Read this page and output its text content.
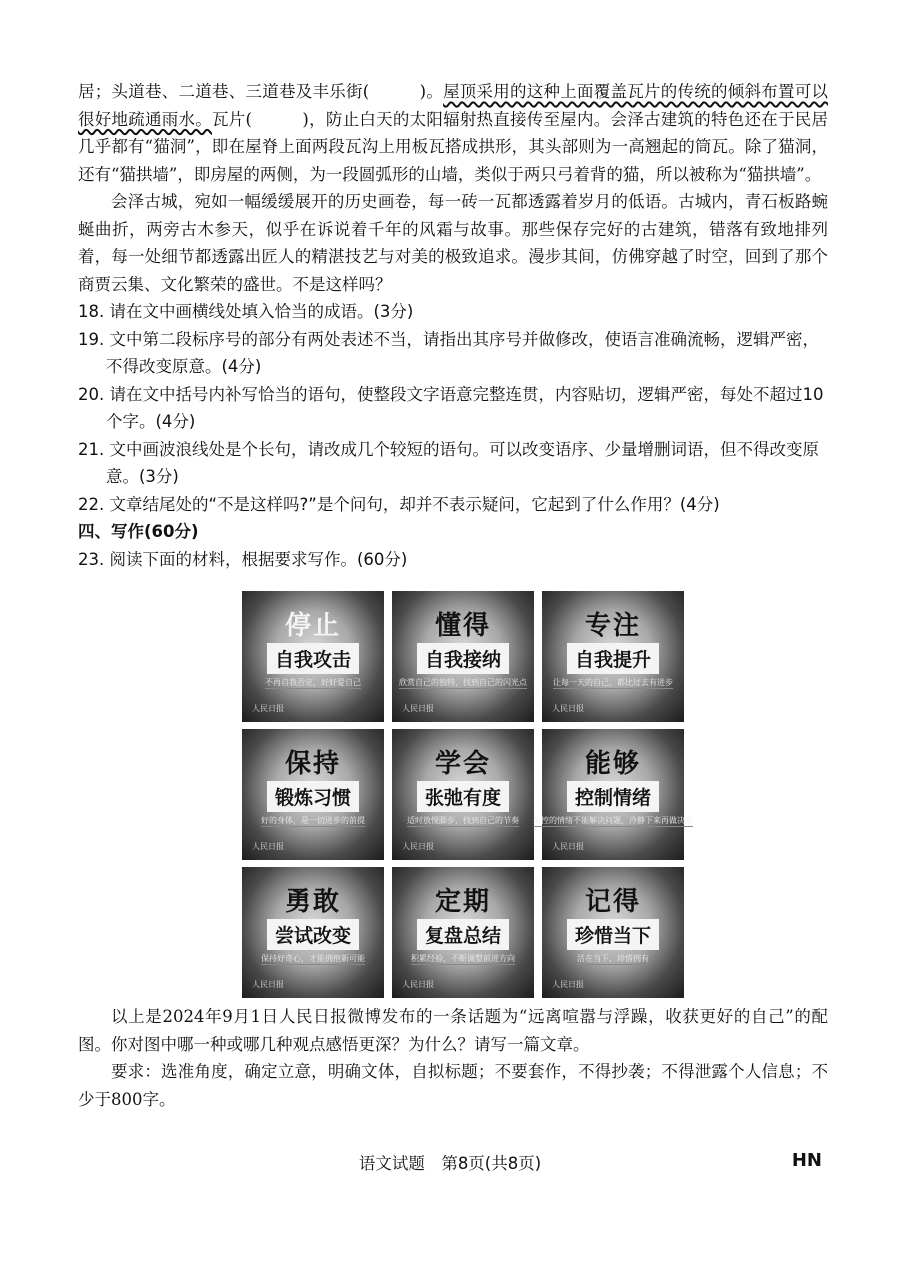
居；头道巷、二道巷、三道巷及丰乐街(　　　)。屋顶采用的这种上面覆盖瓦片的传统的倾斜布置可以很好地疏通雨水。瓦片(　　　)，防止白天的太阳辐射热直接传至屋内。会泽古建筑的特色还在于民居几乎都有“猫洞”，即在屋脊上面两段瓦沟上用板瓦搭成拱形，其头部则为一高翘起的筒瓦。除了猫洞，还有“猫拱墙”，即房屋的两侧，为一段圆弧形的山墙，类似于两只弓着背的猫，所以被称为“猫拱墙”。

会泽古城，宛如一幅缓缓展开的历史画卷，每一砖一瓦都透露着岁月的低语。古城内，青石板路蜿蜒曲折，两旁古木参天，似乎在诉说着千年的风霜与故事。那些保存完好的古建筑，错落有致地排列着，每一处细节都透露出匠人的精湛技艺与对美的极致追求。漫步其间，仿佛穿越了时空，回到了那个商贾云集、文化繁荣的盛世。不是这样吗？

18. 请在文中画横线处填入恰当的成语。(3分)

19. 文中第二段标序号的部分有两处表述不当，请指出其序号并做修改，使语言准确流畅，逻辑严密，不得改变原意。(4分)

20. 请在文中括号内补写恰当的语句，使整段文字语意完整连贯，内容贴切，逻辑严密，每处不超过10个字。(4分)

21. 文中画波浪线处是个长句，请改成几个较短的语句。可以改变语序、少量增删词语，但不得改变原意。(3分)

22. 文章结尾处的“不是这样吗?”是个问句，却并不表示疑问，它起到了什么作用？(4分)

四、写作(60分)

23. 阅读下面的材料，根据要求写作。(60分)

停止
自我攻击
不再自我否定，好好爱自己
人民日报
懂得
自我接纳
欣赏自己的独特，找到自己的闪光点
人民日报
专注
自我提升
让每一天的自己，都比过去有进步
人民日报
保持
锻炼习惯
好的身体，是一切进步的前提
人民日报
学会
张弛有度
适时放慢脚步，找到自己的节奏
人民日报
能够
控制情绪
失控的情绪不能解决问题，冷静下来再做决定
人民日报
勇敢
尝试改变
保持好奇心，才能拥抱新可能
人民日报
定期
复盘总结
积累经验，不断调整前进方向
人民日报
记得
珍惜当下
活在当下，珍惜拥有
人民日报

以上是2024年9月1日人民日报微博发布的一条话题为“远离喧嚣与浮躁，收获更好的自己”的配图。你对图中哪一种或哪几种观点感悟更深？为什么？请写一篇文章。

要求：选准角度，确定立意，明确文体，自拟标题；不要套作，不得抄袭；不得泄露个人信息；不少于800字。

语文试题　第8页(共8页)	HN
